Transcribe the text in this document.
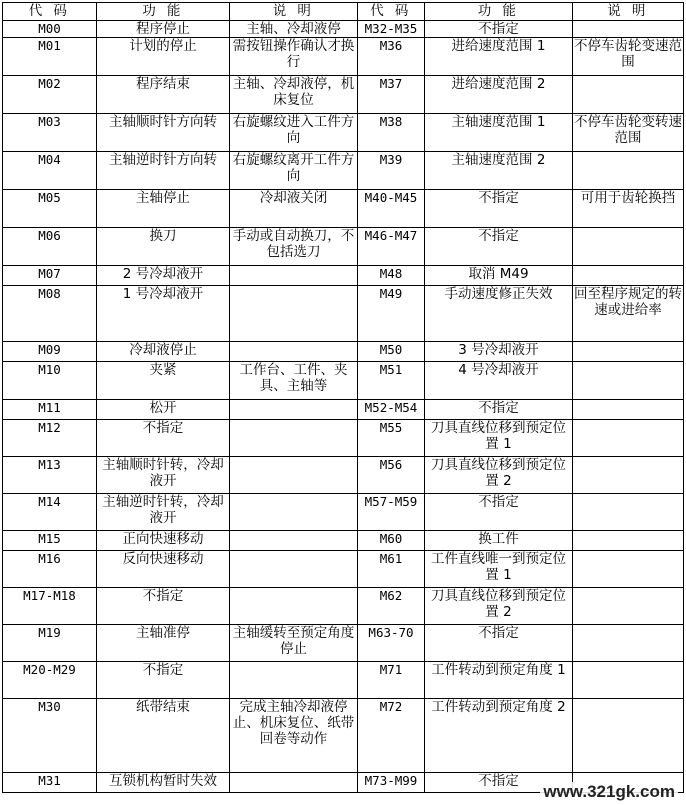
代 码	功 能	说 明	代 码	功 能	说 明
M00	程序停止	主轴、冷却液停	M32-M35	不指定	
M01	计划的停止	需按钮操作确认才换行	M36	进给速度范围 1	不停车齿轮变速范围
M02	程序结束	主轴、冷却液停，机床复位	M37	进给速度范围 2	
M03	主轴顺时针方向转	右旋螺纹进入工件方向	M38	主轴速度范围 1	不停车齿轮变转速范围
M04	主轴逆时针方向转	右旋螺纹离开工件方向	M39	主轴速度范围 2	
M05	主轴停止	冷却液关闭	M40-M45	不指定	可用于齿轮换挡
M06	换刀	手动或自动换刀，不包括选刀	M46-M47	不指定	
M07	2 号冷却液开		M48	取消 M49	
M08	1 号冷却液开		M49	手动速度修正失效	回至程序规定的转速或进给率
M09	冷却液停止		M50	3 号冷却液开	
M10	夹紧	工作台、工件、夹具、主轴等	M51	4 号冷却液开	
M11	松开		M52-M54	不指定	
M12	不指定		M55	刀具直线位移到预定位置 1	
M13	主轴顺时针转，冷却液开		M56	刀具直线位移到预定位置 2	
M14	主轴逆时针转，冷却液开		M57-M59	不指定	
M15	正向快速移动		M60	换工件	
M16	反向快速移动		M61	工件直线唯一到预定位置 1	
M17-M18	不指定		M62	刀具直线位移到预定位置 2	
M19	主轴准停	主轴缓转至预定角度停止	M63-70	不指定	
M20-M29	不指定		M71	工件转动到预定角度 1	
M30	纸带结束	完成主轴冷却液停止、机床复位、纸带回卷等动作	M72	工件转动到预定角度 2	
M31	互锁机构暂时失效		M73-M99	不指定	
www.321gk.com
